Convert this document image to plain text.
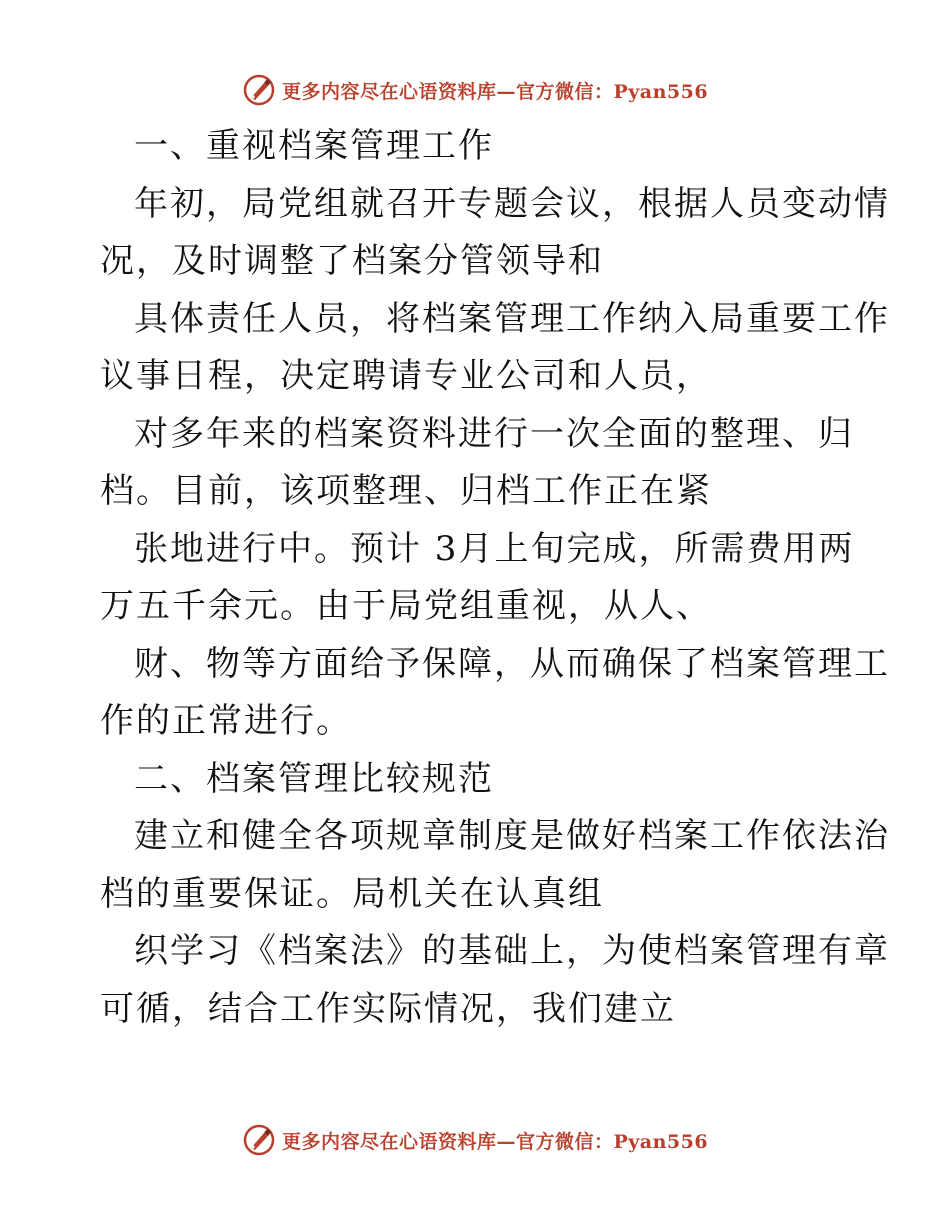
更多内容尽在心语资料库—官方微信：Pyan556
一、重视档案管理工作
年初，局党组就召开专题会议，根据人员变动情
况，及时调整了档案分管领导和
具体责任人员，将档案管理工作纳入局重要工作
议事日程，决定聘请专业公司和人员，
对多年来的档案资料进行一次全面的整理、归
档。目前，该项整理、归档工作正在紧
张地进行中。预计 3月上旬完成，所需费用两
万五千余元。由于局党组重视，从人、
财、物等方面给予保障，从而确保了档案管理工
作的正常进行。
二、档案管理比较规范
建立和健全各项规章制度是做好档案工作依法治
档的重要保证。局机关在认真组
织学习《档案法》的基础上，为使档案管理有章
可循，结合工作实际情况，我们建立
更多内容尽在心语资料库—官方微信：Pyan556
